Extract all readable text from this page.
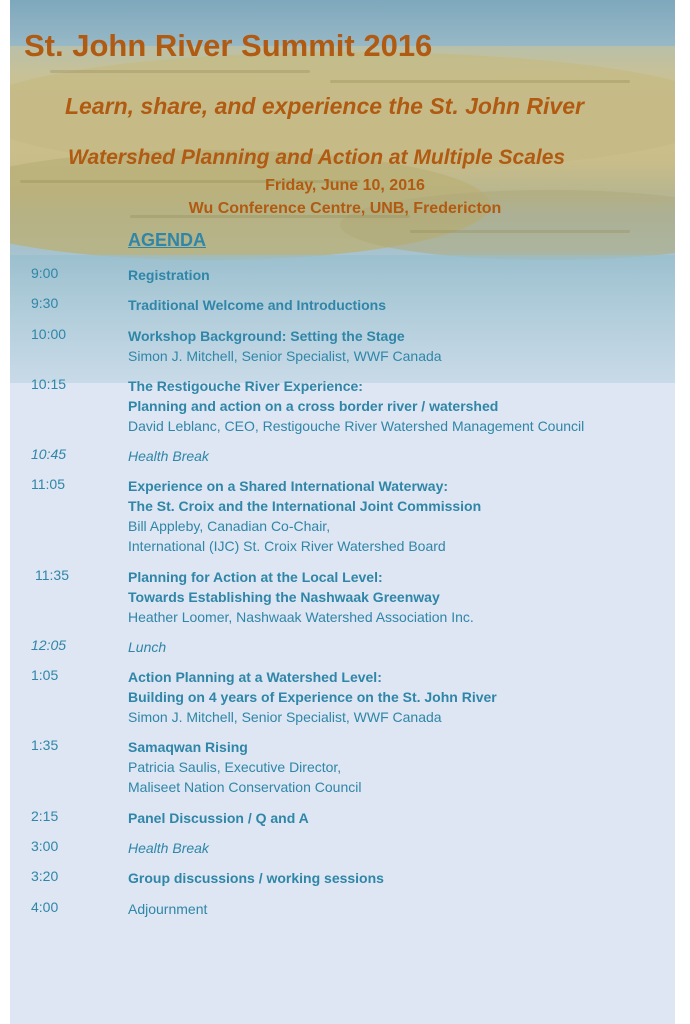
St. John River Summit 2016
Learn, share, and experience the St. John River
Watershed Planning and Action at Multiple Scales
Friday, June 10, 2016
Wu Conference Centre, UNB, Fredericton
AGENDA
9:00	Registration
9:30	Traditional Welcome and Introductions
10:00	Workshop Background: Setting the Stage
Simon J. Mitchell, Senior Specialist, WWF Canada
10:15	The Restigouche River Experience:
Planning and action on a cross border river / watershed
David Leblanc, CEO, Restigouche River Watershed Management Council
10:45	Health Break
11:05	Experience on a Shared International Waterway:
The St. Croix and the International Joint Commission
Bill Appleby, Canadian Co-Chair,
International (IJC) St. Croix River Watershed Board
11:35	Planning for Action at the Local Level:
Towards Establishing the Nashwaak Greenway
Heather Loomer, Nashwaak Watershed Association Inc.
12:05	Lunch
1:05	Action Planning at a Watershed Level:
Building on 4 years of Experience on the St. John River
Simon J. Mitchell, Senior Specialist, WWF Canada
1:35	Samaqwan Rising
Patricia Saulis, Executive Director,
Maliseet Nation Conservation Council
2:15	Panel Discussion / Q and A
3:00	Health Break
3:20	Group discussions / working sessions
4:00	Adjournment
